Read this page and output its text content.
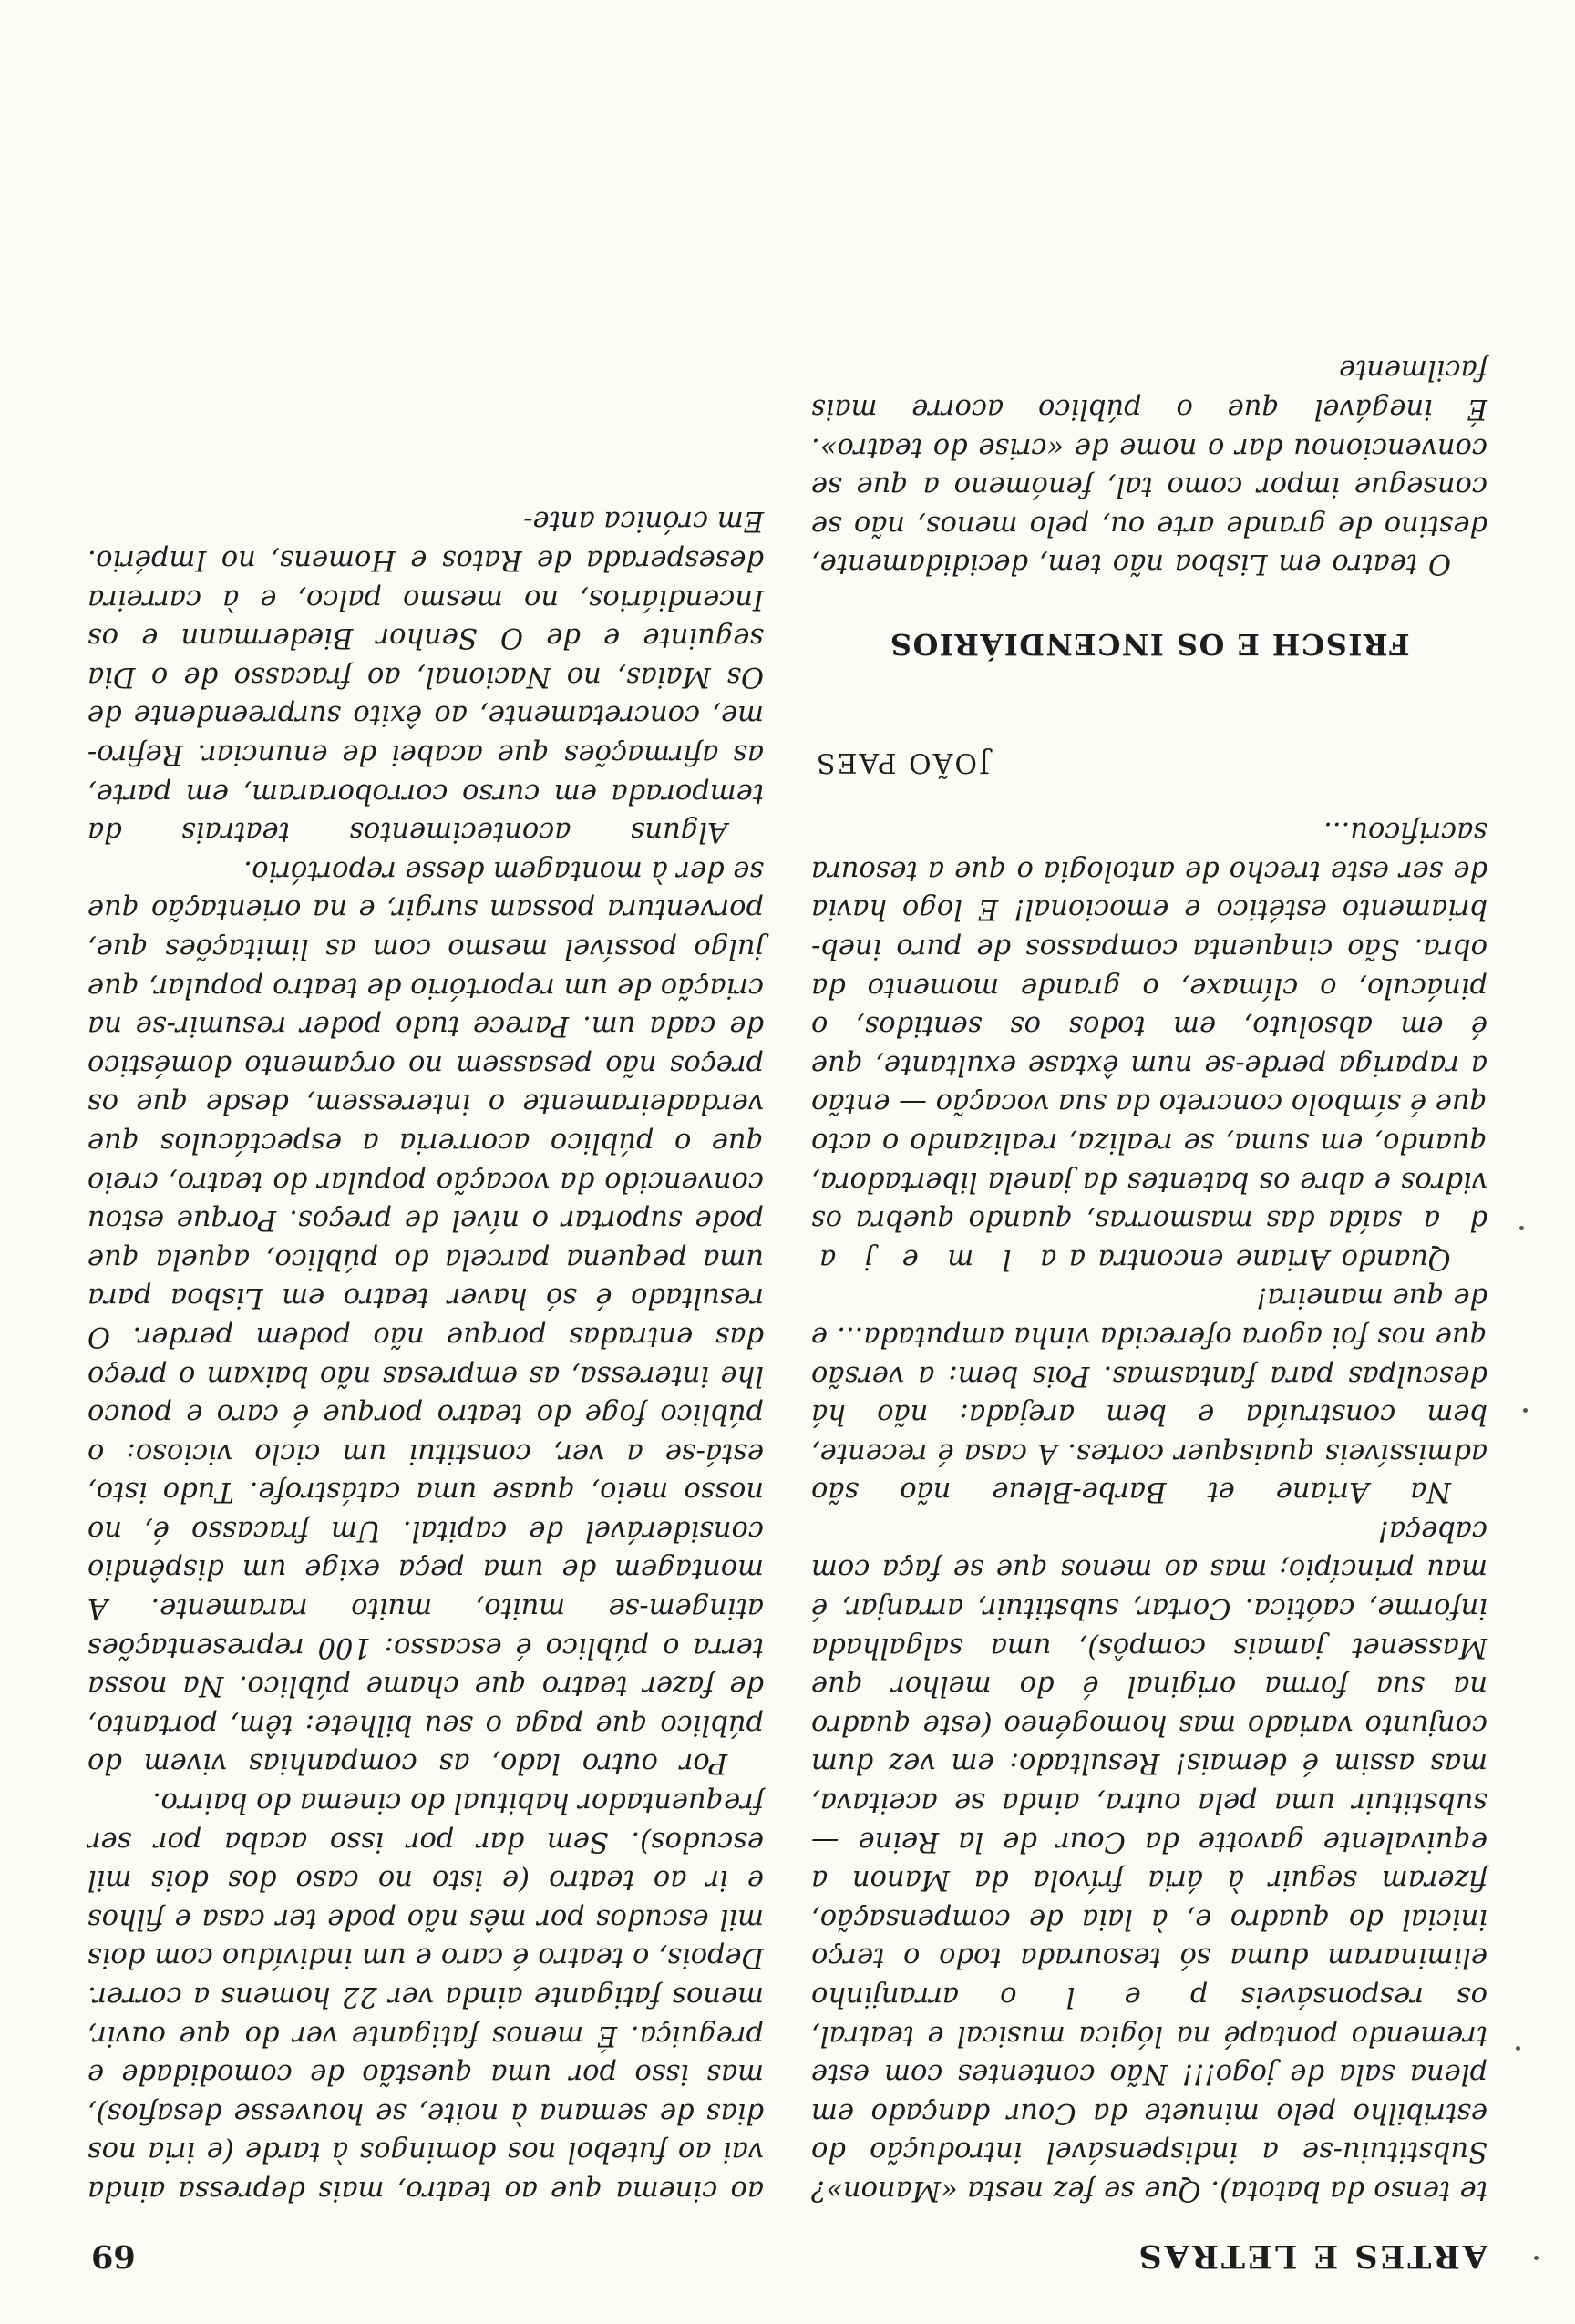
ARTES E LETRAS
69

te tenso da batota). Que se fez nesta «Manon»? Substituiu-se a indispensável introdução do estribilho pelo minuete da Cour dançado em plena sala de jogo!!! Não contentes com este tremendo pontapé na lógica musical e teatral, os responsáveis p e l o arranjinho eliminaram duma só tesourada todo o terço inicial do quadro e, à laia de compensação, fizeram seguir à ária frívola da Manon a equivalente gavotte da Cour de la Reine — substituir uma pela outra, ainda se aceitava, mas assim é demais! Resultado: em vez dum conjunto variado mas homogéneo (este quadro na sua forma original é do melhor que Massenet jamais compôs), uma salgalhada informe, caótica. Cortar, substituir, arranjar, é mau princípio; mas ao menos que se faça com cabeça!

Na Ariane et Barbe-Bleue não são admissíveis quaisquer cortes. A casa é recente, bem construída e bem arejada: não há desculpas para fantasmas. Pois bem: a versão que nos foi agora oferecida vinha amputada... e de que maneira!

Quando Ariane encontra a a l m e j a d a saída das masmorras, quando quebra os vidros e abre os batentes da janela libertadora, quando, em suma, se realiza, realizando o acto que é símbolo concreto da sua vocação — então a rapariga perde-se num êxtase exultante, que é em absoluto, em todos os sentidos, o pináculo, o clímaxe, o grande momento da obra. São cinquenta compassos de puro inebbriamento estético e emocional! E logo havia de ser este trecho de antologia o que a tesoura sacrificou...

JOÃO PAES
FRISCH E OS INCENDIÁRIOS

O teatro em Lisboa não tem, decididamente, destino de grande arte ou, pelo menos, não se consegue impor como tal, fenómeno a que se convencionou dar o nome de «crise do teatro». É inegável que o público acorre mais facilmente

ao cinema que ao teatro, mais depressa ainda vai ao futebol nos domingos à tarde (e iria nos dias de semana à noite, se houvesse desafios), mas isso por uma questão de comodidade e preguiça. É menos fatigante ver do que ouvir, menos fatigante ainda ver 22 homens a correr. Depois, o teatro é caro e um indivíduo com dois mil escudos por mês não pode ter casa e filhos e ir ao teatro (e isto no caso dos dois mil escudos). Sem dar por isso acaba por ser frequentador habitual do cinema do bairro.

Por outro lado, as companhias vivem do público que paga o seu bilhete: têm, portanto, de fazer teatro que chame público. Na nossa terra o público é escasso: 100 representações atingem-se muito, muito raramente. A montagem de uma peça exige um dispêndio considerável de capital. Um fracasso é, no nosso meio, quase uma catástrofe. Tudo isto, está-se a ver, constitui um ciclo vicioso: o público foge do teatro porque é caro e pouco lhe interessa, as empresas não baixam o preço das entradas porque não podem perder. O resultado é só haver teatro em Lisboa para uma pequena parcela do público, aquela que pode suportar o nível de preços. Porque estou convencido da vocação popular do teatro, creio que o público acorreria a espectáculos que verdadeiramente o interessem, desde que os preços não pesassem no orçamento doméstico de cada um. Parece tudo poder resumir-se na criação de um reportório de teatro popular, que julgo possível mesmo com as limitações que, porventura possam surgir, e na orientação que se der à montagem desse reportório.

Alguns acontecimentos teatrais da temporada em curso corroboraram, em parte, as afirmações que acabei de enunciar. Refiro-me, concretamente, ao êxito surpreendente de Os Maias, no Nacional, ao fracasso de o Dia seguinte e de O Senhor Biedermann e os Incendiários, no mesmo palco, e à carreira desesperada de Ratos e Homens, no Império. Em crónica ante-
